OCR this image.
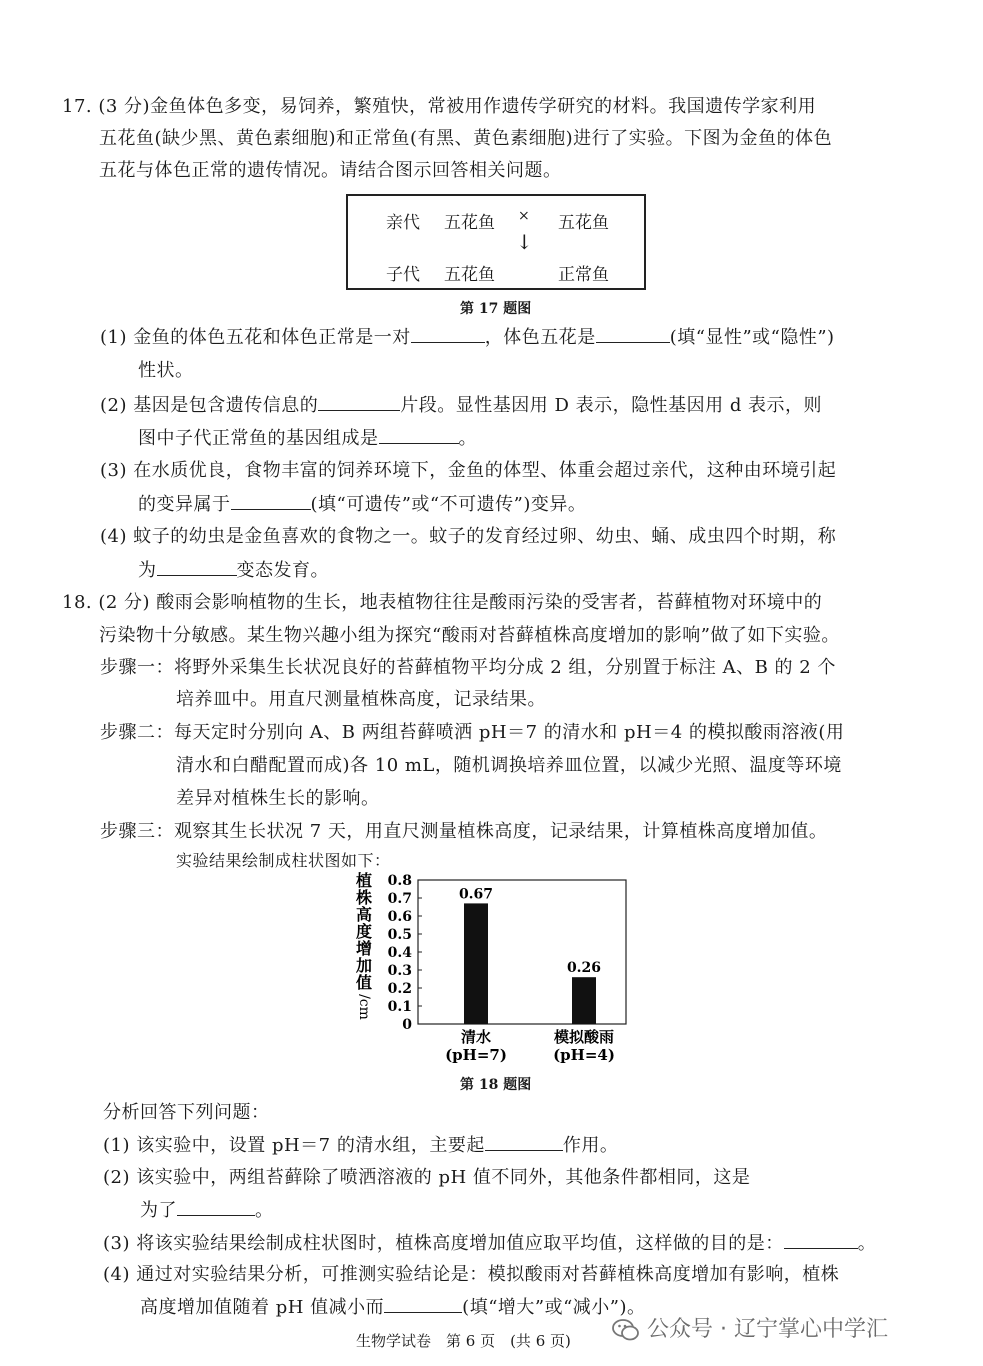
17. (3 分)金鱼体色多变，易饲养，繁殖快，常被用作遗传学研究的材料。我国遗传学家利用
五花鱼(缺少黑、黄色素细胞)和正常鱼(有黑、黄色素细胞)进行了实验。下图为金鱼的体色
五花与体色正常的遗传情况。请结合图示回答相关问题。
亲代 五花鱼 × 五花鱼
↓
子代 五花鱼	正常鱼
第 17 题图
(1) 金鱼的体色五花和体色正常是一对	，体色五花是	(填“显性”或“隐性”)
性状。
(2) 基因是包含遗传信息的	片段。显性基因用 D 表示，隐性基因用 d 表示，则
图中子代正常鱼的基因组成是	。
(3) 在水质优良，食物丰富的饲养环境下，金鱼的体型、体重会超过亲代，这种由环境引起
的变异属于	(填“可遗传”或“不可遗传”)变异。
(4) 蚊子的幼虫是金鱼喜欢的食物之一。蚊子的发育经过卵、幼虫、蛹、成虫四个时期，称
为	变态发育。
18. (2 分) 酸雨会影响植物的生长，地表植物往往是酸雨污染的受害者，苔藓植物对环境中的
污染物十分敏感。某生物兴趣小组为探究“酸雨对苔藓植株高度增加的影响”做了如下实验。
步骤一：将野外采集生长状况良好的苔藓植物平均分成 2 组，分别置于标注 A、B 的 2 个
培养皿中。用直尺测量植株高度，记录结果。
步骤二：每天定时分别向 A、B 两组苔藓喷洒 pH＝7 的清水和 pH＝4 的模拟酸雨溶液(用
清水和白醋配置而成)各 10 mL，随机调换培养皿位置，以减少光照、温度等环境
差异对植株生长的影响。
步骤三：观察其生长状况 7 天，用直尺测量植株高度，记录结果，计算植株高度增加值。
实验结果绘制成柱状图如下：
植
株
高
度
增
加
值
/cm
0
0.1
0.2
0.3
0.4
0.5
0.6
0.7
0.8
0.67
0.26
清水
(pH=7)
模拟酸雨
(pH=4)
第 18 题图
分析回答下列问题：
(1) 该实验中，设置 pH＝7 的清水组，主要起	作用。
(2) 该实验中，两组苔藓除了喷洒溶液的 pH 值不同外，其他条件都相同，这是
为了	。
(3) 将该实验结果绘制成柱状图时，植株高度增加值应取平均值，这样做的目的是：	。
(4) 通过对实验结果分析，可推测实验结论是：模拟酸雨对苔藓植株高度增加有影响，植株
高度增加值随着 pH 值减小而	(填“增大”或“减小”)。
生物学试卷　第 6 页　(共 6 页)	公众号 · 辽宁掌心中学汇
